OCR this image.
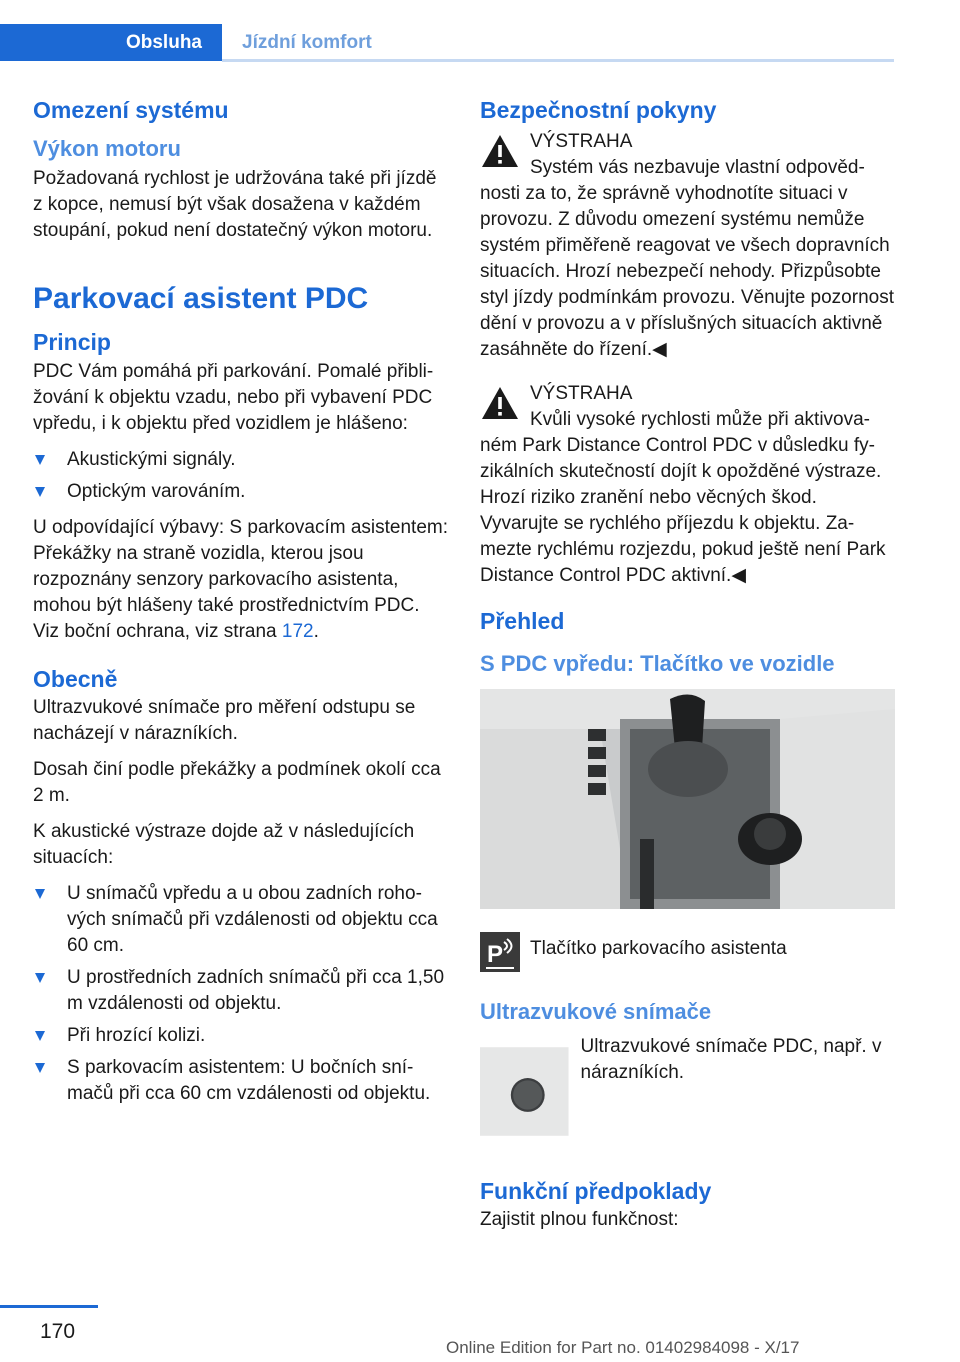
Obsluha	Jízdní komfort
Omezení systému
Výkon motoru

Požadovaná rychlost je udržována také při jízdě z kopce, nemusí být však dosažena v každém stoupání, pokud není dostatečný výkon motoru.

Parkovací asistent PDC
Princip

PDC Vám pomáhá při parkování. Pomalé přibližování k objektu vzadu, nebo při vybavení PDC vpředu, i k objektu před vozidlem je hlášeno:

Akustickými signály.
Optickým varováním.

U odpovídající výbavy: S parkovacím asistentem: Překážky na straně vozidla, kterou jsou rozpoznány senzory parkovacího asistenta, mohou být hlášeny také prostřednictvím PDC. Viz boční ochrana, viz strana 172.

Obecně

Ultrazvukové snímače pro měření odstupu se nacházejí v nárazníkích.

Dosah činí podle překážky a podmínek okolí cca 2 m.

K akustické výstraze dojde až v následujících situacích:

U snímačů vpředu a u obou zadních rohových snímačů při vzdálenosti od objektu cca 60 cm.
U prostředních zadních snímačů při cca 1,50 m vzdálenosti od objektu.
Při hrozící kolizi.
S parkovacím asistentem: U bočních snímačů při cca 60 cm vzdálenosti od objektu.
Bezpečnostní pokyny

VÝSTRAHA

Systém vás nezbavuje vlastní odpovědnosti za to, že správně vyhodnotíte situaci v provozu. Z důvodu omezení systému nemůže systém přiměřeně reagovat ve všech dopravních situacích. Hrozí nebezpečí nehody. Přizpůsobte styl jízdy podmínkám provozu. Věnujte pozornost dění v provozu a v příslušných situacích aktivně zasáhněte do řízení.◀

VÝSTRAHA

Kvůli vysoké rychlosti může při aktivovaném Park Distance Control PDC v důsledku fyzikálních skutečností dojít k opožděné výstraze. Hrozí riziko zranění nebo věcných škod. Vyvarujte se rychlého příjezdu k objektu. Zamezte rychlému rozjezdu, pokud ještě není Park Distance Control PDC aktivní.◀

Přehled
S PDC vpředu: Tlačítko ve vozidle
P Tlačítko parkovacího asistenta

Ultrazvukové snímače

Ultrazvukové snímače PDC, např. v nárazníkích.

Funkční předpoklady

Zajistit plnou funkčnost:

170
Online Edition for Part no. 01402984098 - X/17
